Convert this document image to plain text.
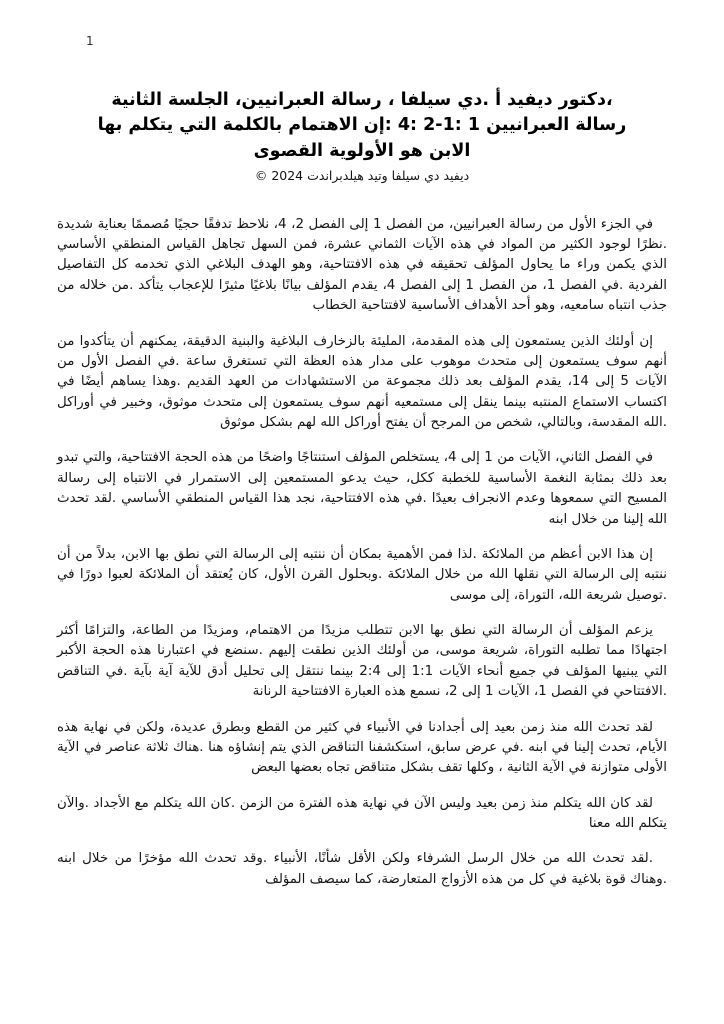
1
،دكتور ديفيد أ .دي سيلفا ، رسالة العبرانيين، الجلسة الثانية
رسالة العبرانيين 1 :1-2 :4 :إن الاهتمام بالكلمة التي يتكلم بها
الابن هو الأولوية القصوى
ديفيد دي سيلفا وتيد هيلدبراندت 2024 ©

في الجزء الأول من رسالة العبرانيين، من الفصل 1 إلى الفصل 2، 4، نلاحظ تدفقًا حجيًا مُصممًا بعناية شديدة .نظرًا لوجود الكثير من المواد في هذه الآيات الثماني عشرة، فمن السهل تجاهل القياس المنطقي الأساسي الذي يكمن وراء ما يحاول المؤلف تحقيقه في هذه الافتتاحية، وهو الهدف البلاغي الذي تخدمه كل التفاصيل الفردية .في الفصل 1، من الفصل 1 إلى الفصل 4، يقدم المؤلف بيانًا بلاغيًا مثيرًا للإعجاب يتأكد .من خلاله من جذب انتباه سامعيه، وهو أحد الأهداف الأساسية لافتتاحية الخطاب

إن أولئك الذين يستمعون إلى هذه المقدمة، المليئة بالزخارف البلاغية والبنية الدقيقة، يمكنهم أن يتأكدوا من أنهم سوف يستمعون إلى متحدث موهوب على مدار هذه العظة التي تستغرق ساعة .في الفصل الأول من الآيات 5 إلى 14، يقدم المؤلف بعد ذلك مجموعة من الاستشهادات من العهد القديم .وهذا يساهم أيضًا في اكتساب الاستماع المنتبه بينما ينقل إلى مستمعيه أنهم سوف يستمعون إلى متحدث موثوق، وخبير في أوراكل .الله المقدسة، وبالتالي، شخص من المرجح أن يفتح أوراكل الله لهم بشكل موثوق

في الفصل الثاني، الآيات من 1 إلى 4، يستخلص المؤلف استنتاجًا واضحًا من هذه الحجة الافتتاحية، والتي تبدو بعد ذلك بمثابة النغمة الأساسية للخطبة ككل، حيث يدعو المستمعين إلى الاستمرار في الانتباه إلى رسالة المسيح التي سمعوها وعدم الانجراف بعيدًا .في هذه الافتتاحية، نجد هذا القياس المنطقي الأساسي .لقد تحدث الله إلينا من خلال ابنه

إن هذا الابن أعظم من الملائكة .لذا فمن الأهمية بمكان أن ننتبه إلى الرسالة التي نطق بها الابن، بدلاً من أن ننتبه إلى الرسالة التي نقلها الله من خلال الملائكة .وبحلول القرن الأول، كان يُعتقد أن الملائكة لعبوا دورًا في .توصيل شريعة الله، التوراة، إلى موسى

يزعم المؤلف أن الرسالة التي نطق بها الابن تتطلب مزيدًا من الاهتمام، ومزيدًا من الطاعة، والتزامًا أكثر اجتهادًا مما تطلبه التوراة، شريعة موسى، من أولئك الذين نطقت إليهم .سنضع في اعتبارنا هذه الحجة الأكبر التي يبنيها المؤلف في جميع أنحاء الآيات 1:1 إلى 2:4 بينما ننتقل إلى تحليل أدق للآية آية بآية .في التناقض .الافتتاحي في الفصل 1، الآيات 1 إلى 2، نسمع هذه العبارة الافتتاحية الرنانة

لقد تحدث الله منذ زمن بعيد إلى أجدادنا في الأنبياء في كثير من القطع وبطرق عديدة، ولكن في نهاية هذه الأيام، تحدث إلينا في ابنه .في عرض سابق، استكشفنا التناقض الذي يتم إنشاؤه هنا .هناك ثلاثة عناصر في الآية الأولى متوازنة في الآية الثانية ، وكلها تقف بشكل متناقض تجاه بعضها البعض

لقد كان الله يتكلم منذ زمن بعيد وليس الآن في نهاية هذه الفترة من الزمن .كان الله يتكلم مع الأجداد .والآن يتكلم الله معنا

.لقد تحدث الله من خلال الرسل الشرفاء ولكن الأقل شأنًا، الأنبياء .وقد تحدث الله مؤخرًا من خلال ابنه .وهناك قوة بلاغية في كل من هذه الأزواج المتعارضة، كما سيصف المؤلف
